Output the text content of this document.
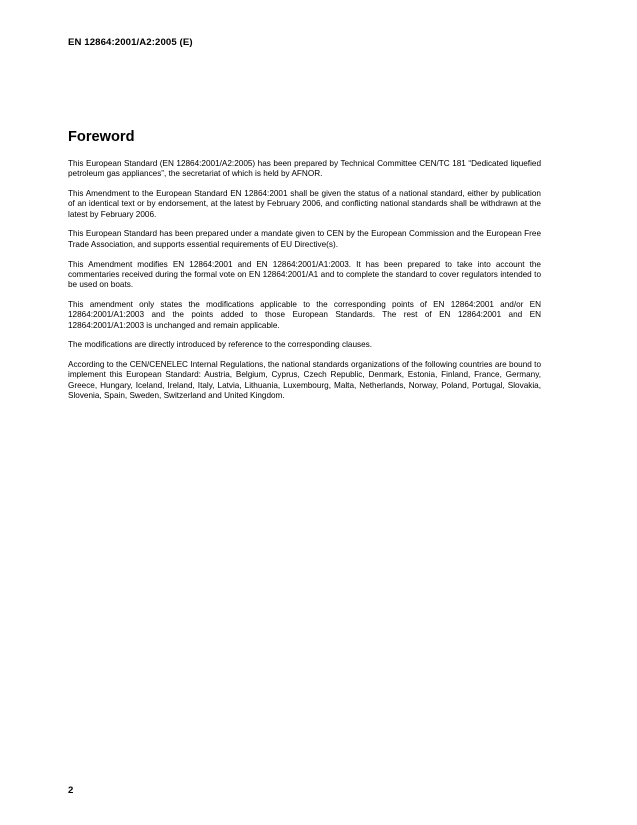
EN 12864:2001/A2:2005 (E)
Foreword

This European Standard (EN 12864:2001/A2:2005) has been prepared by Technical Committee CEN/TC 181 “Dedicated liquefied petroleum gas appliances”, the secretariat of which is held by AFNOR.

This Amendment to the European Standard EN 12864:2001 shall be given the status of a national standard, either by publication of an identical text or by endorsement, at the latest by February 2006, and conflicting national standards shall be withdrawn at the latest by February 2006.

This European Standard has been prepared under a mandate given to CEN by the European Commission and the European Free Trade Association, and supports essential requirements of EU Directive(s).

This Amendment modifies EN 12864:2001 and EN 12864:2001/A1:2003. It has been prepared to take into account the commentaries received during the formal vote on EN 12864:2001/A1 and to complete the standard to cover regulators intended to be used on boats.

This amendment only states the modifications applicable to the corresponding points of EN 12864:2001 and/or EN 12864:2001/A1:2003 and the points added to those European Standards. The rest of EN 12864:2001 and EN 12864:2001/A1:2003 is unchanged and remain applicable.

The modifications are directly introduced by reference to the corresponding clauses.

According to the CEN/CENELEC Internal Regulations, the national standards organizations of the following countries are bound to implement this European Standard: Austria, Belgium, Cyprus, Czech Republic, Denmark, Estonia, Finland, France, Germany, Greece, Hungary, Iceland, Ireland, Italy, Latvia, Lithuania, Luxembourg, Malta, Netherlands, Norway, Poland, Portugal, Slovakia, Slovenia, Spain, Sweden, Switzerland and United Kingdom.

2
